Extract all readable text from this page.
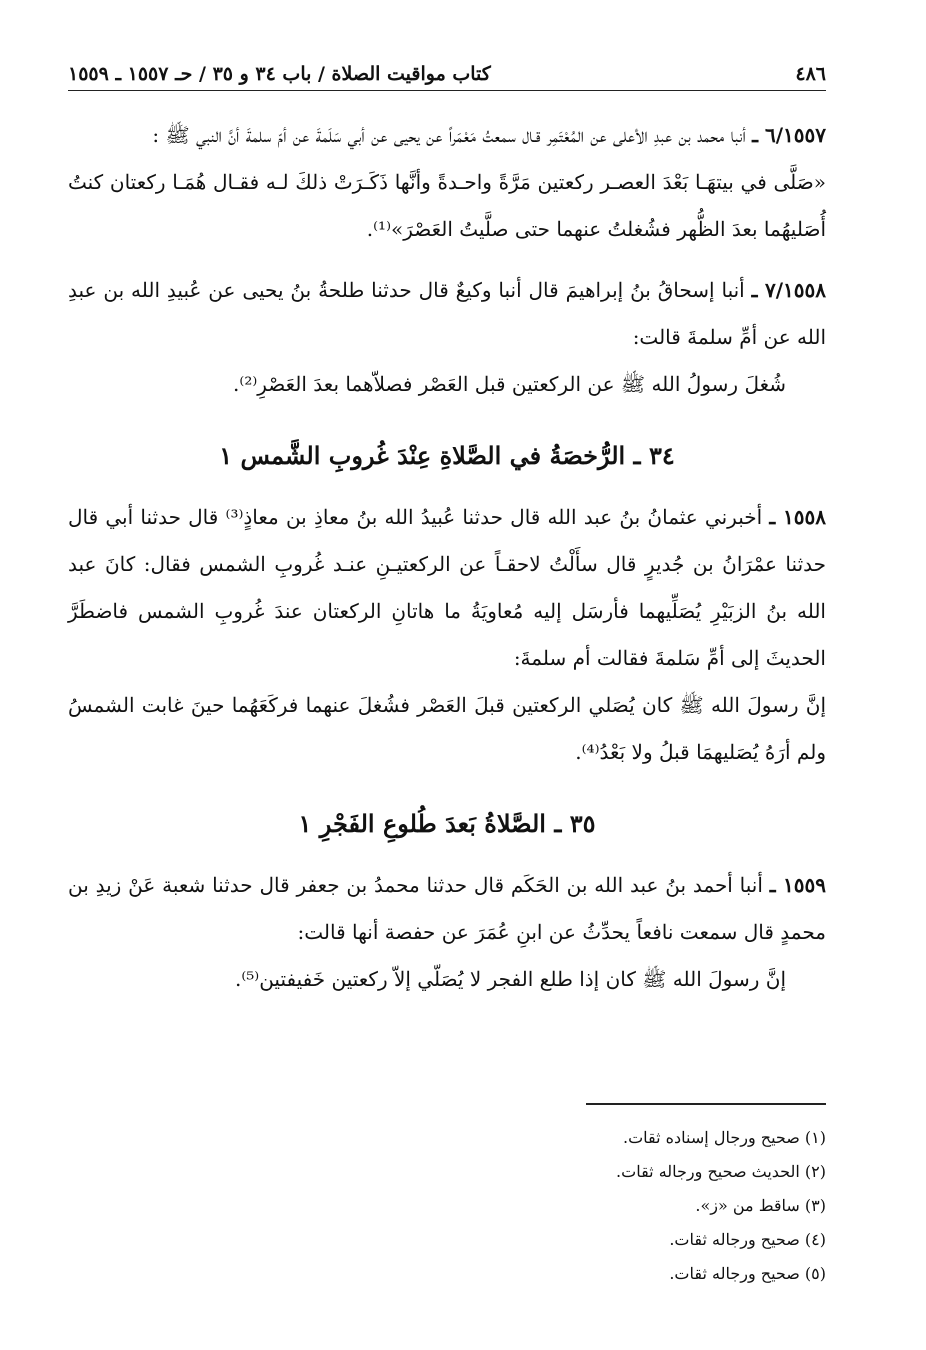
٤٨٦
كتاب مواقيت الصلاة / باب ٣٤ و ٣٥ / حـ ١٥٥٧ ـ ١٥٥٩

٦/١٥٥٧ ـ أنبا محمد بن عبدِ الأعلى عن المُعْتَمِر قـال سمعتُ مَعْمَراً عن يحيى عن أبي سَلَمةَ عن أمّ سلمةَ أنَّ النبي ﷺ :

«صَلَّى في بيتهَـا بَعْدَ العصـر ركعتين مَرَّةً واحـدةً وأنَّها ذَكَـرَتْ ذلكَ لـه فقـال هُمَـا ركعتان كنتُ أُصَليهُما بعدَ الظُّهر فشُغلتُ عنهما حتى صلَّيتُ العَصْرَ»⁽¹⁾.

٧/١٥٥٨ ـ أنبا إسحاقُ بنُ إبراهيمَ قال أنبا وكيعٌ قال حدثنا طلحةُ بنُ يحيى عن عُبيدِ الله بن عبدِ الله عن أمِّ سلمةَ قالت:

شُغلَ رسولُ الله ﷺ عن الركعتين قبل العَصْر فصلاّهما بعدَ العَصْرِ⁽²⁾.

٣٤ ـ الرُّخصَةُ في الصَّلاةِ عِنْدَ غُروبِ الشَّمس ١

١٥٥٨ ـ أخبرني عثمانُ بنُ عبد الله قال حدثنا عُبيدُ الله بنُ معاذِ بن معاذٍ⁽³⁾ قال حدثنا أبي قال حدثنا عمْرَانُ بن جُديرٍ قال سأَلْتُ لاحقـاً عن الركعتيـنِ عنـد غُروبِ الشمس فقال: كانَ عبد الله بنُ الزبَيْرِ يُصَلِّيهما فأرسَل إليه مُعاويَةُ ما هاتانِ الركعتان عندَ غُروبِ الشمس فاضطَرَّ الحديثَ إلى أمِّ سَلمةَ فقالت أم سلمةَ:

إنَّ رسولَ الله ﷺ كان يُصَلي الركعتين قبلَ العَصْر فشُغلَ عنهما فركَعَهُما حينَ غابت الشمسُ ولم أرَهُ يُصَليهمَا قبلُ ولا بَعْدُ⁽⁴⁾.

٣٥ ـ الصَّلاةُ بَعدَ طُلوعِ الفَجْرِ ١

١٥٥٩ ـ أنبا أحمد بنُ عبد الله بن الحَكَم قال حدثنا محمدُ بن جعفر قال حدثنا شعبة عَنْ زيدِ بن محمدٍ قال سمعت نافعاً يحدِّثُ عن ابنِ عُمَرَ عن حفصة أنها قالت:

إنَّ رسولَ الله ﷺ كان إذا طلع الفجر لا يُصَلّي إلاّ ركعتين خَفيفتين⁽⁵⁾.

(١) صحيح ورجال إسناده ثقات.
(٢) الحديث صحيح ورجاله ثقات.
(٣) ساقط من «ز».
(٤) صحيح ورجاله ثقات.
(٥) صحيح ورجاله ثقات.
